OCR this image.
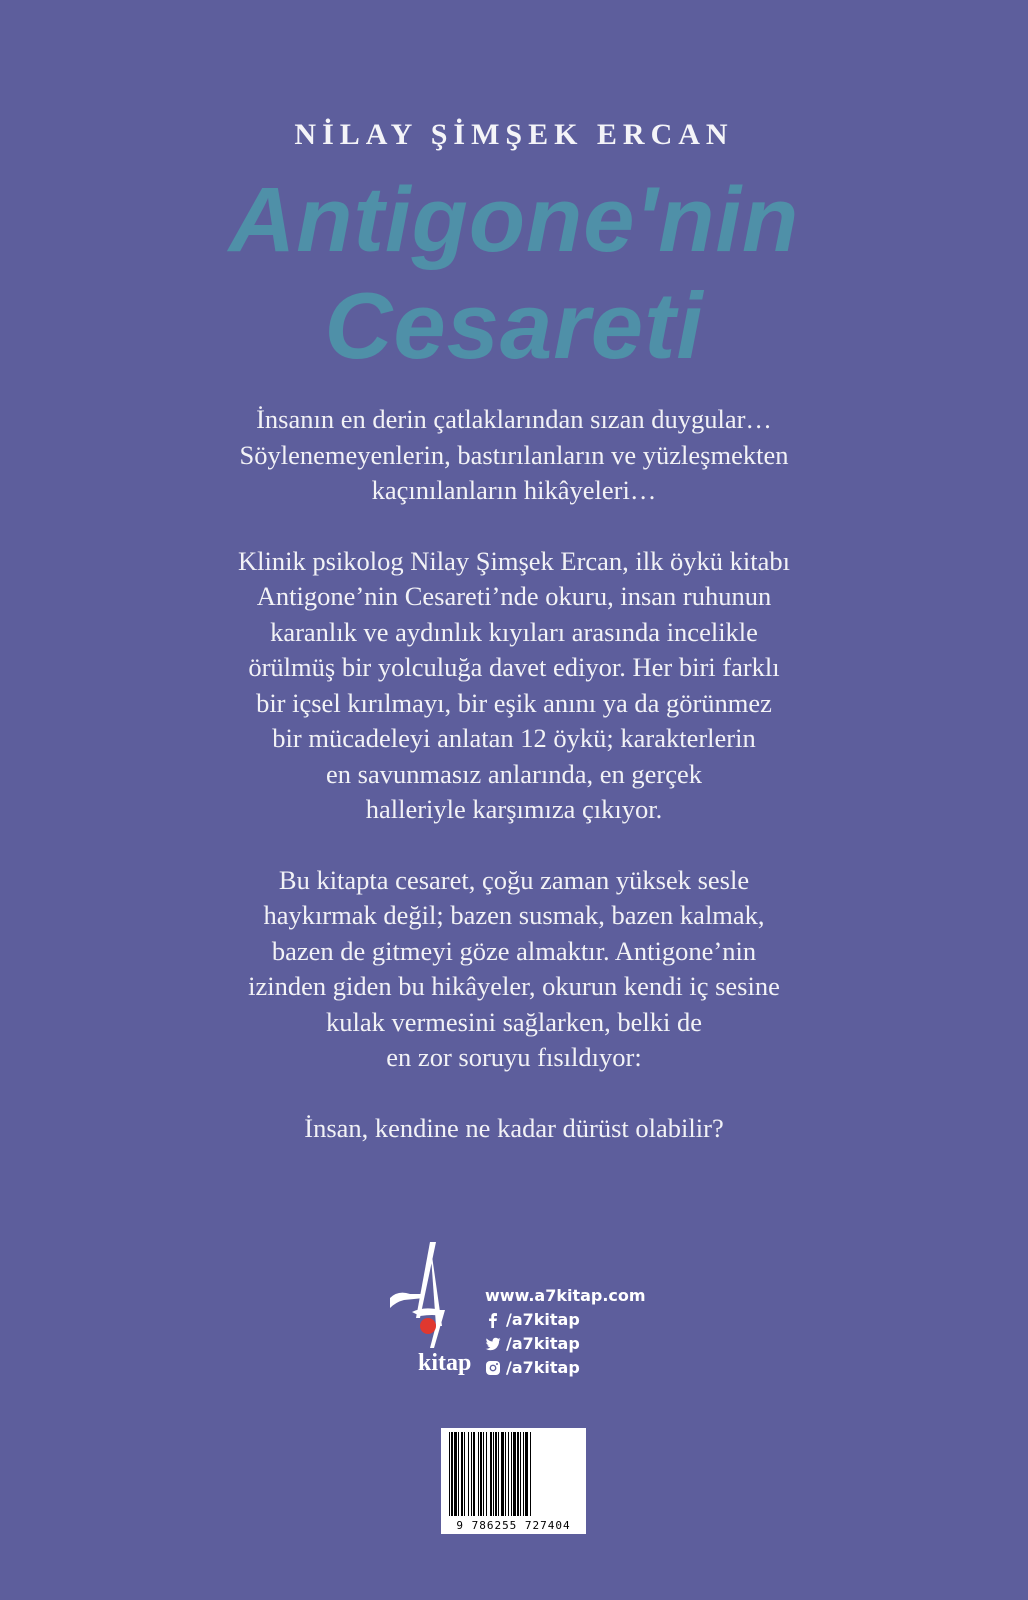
NİLAY ŞİMŞEK ERCAN
Antigone'nin
Cesareti

İnsanın en derin çatlaklarından sızan duygular…
Söylenemeyenlerin, bastırılanların ve yüzleşmekten
kaçınılanların hikâyeleri…

Klinik psikolog Nilay Şimşek Ercan, ilk öykü kitabı
Antigone’nin Cesareti’nde okuru, insan ruhunun
karanlık ve aydınlık kıyıları arasında incelikle
örülmüş bir yolculuğa davet ediyor. Her biri farklı
bir içsel kırılmayı, bir eşik anını ya da görünmez
bir mücadeleyi anlatan 12 öykü; karakterlerin
en savunmasız anlarında, en gerçek
halleriyle karşımıza çıkıyor.

Bu kitapta cesaret, çoğu zaman yüksek sesle
haykırmak değil; bazen susmak, bazen kalmak,
bazen de gitmeyi göze almaktır. Antigone’nin
izinden giden bu hikâyeler, okurun kendi iç sesine
kulak vermesini sağlarken, belki de
en zor soruyu fısıldıyor:

İnsan, kendine ne kadar dürüst olabilir?

kitap
www.a7kitap.com
/a7kitap
/a7kitap
/a7kitap
9 786255 727404
